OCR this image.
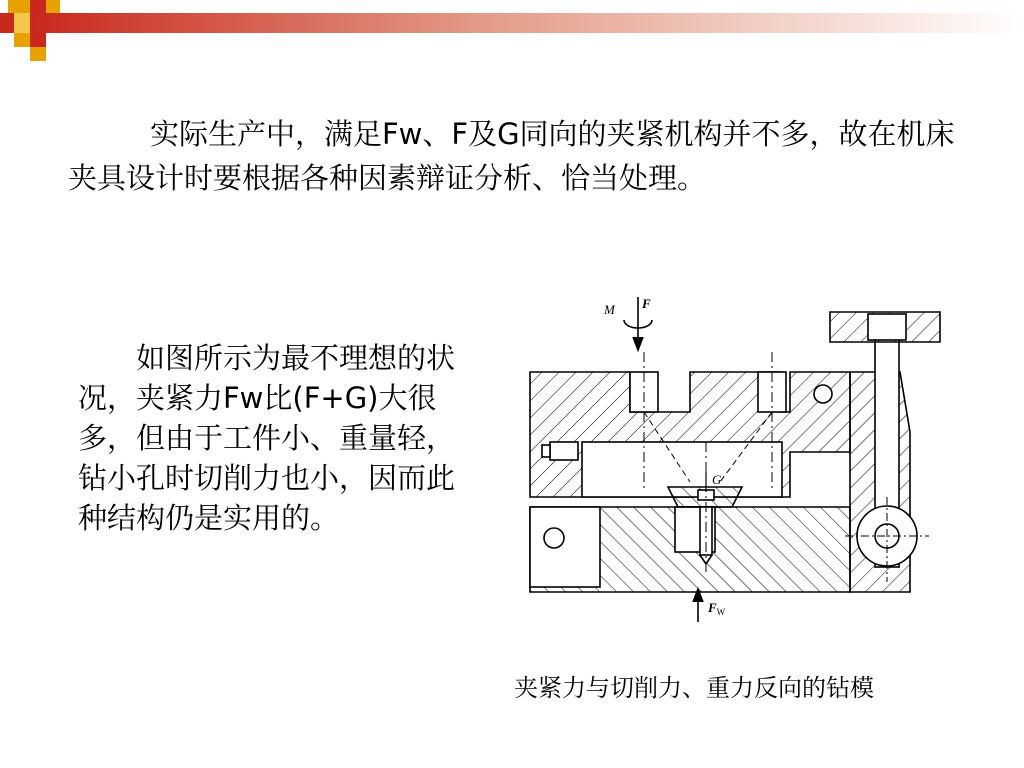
实际生产中，满足Fw、F及G同向的夹紧机构并不多，故在机床夹具设计时要根据各种因素辩证分析、恰当处理。

如图所示为最不理想的状况，夹紧力Fw比(F+G)大很多，但由于工件小、重量轻，钻小孔时切削力也小，因而此种结构仍是实用的。

M F
G
$F_W$
夹紧力与切削力、重力反向的钻模
